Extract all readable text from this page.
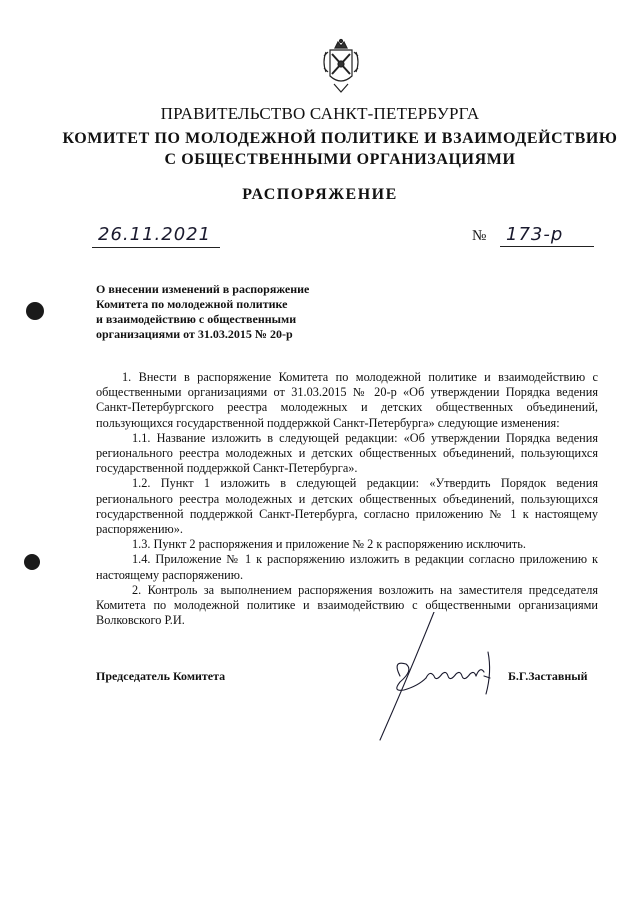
ПРАВИТЕЛЬСТВО САНКТ-ПЕТЕРБУРГА
КОМИТЕТ ПО МОЛОДЕЖНОЙ ПОЛИТИКЕ И ВЗАИМОДЕЙСТВИЮ
С ОБЩЕСТВЕННЫМИ ОРГАНИЗАЦИЯМИ
РАСПОРЯЖЕНИЕ
26.11.2021	№ 173-р
О внесении изменений в распоряжение
Комитета по молодежной политике
и взаимодействию с общественными
организациями от 31.03.2015 № 20-р

1. Внести в распоряжение Комитета по молодежной политике и взаимодействию с общественными организациями от 31.03.2015 № 20-р «Об утверждении Порядка ведения Санкт-Петербургского реестра молодежных и детских общественных объединений, пользующихся государственной поддержкой Санкт-Петербурга» следующие изменения:

1.1. Название изложить в следующей редакции: «Об утверждении Порядка ведения регионального реестра молодежных и детских общественных объединений, пользующихся государственной поддержкой Санкт-Петербурга».

1.2. Пункт 1 изложить в следующей редакции: «Утвердить Порядок ведения регионального реестра молодежных и детских общественных объединений, пользующихся государственной поддержкой Санкт-Петербурга, согласно приложению № 1 к настоящему распоряжению».

1.3. Пункт 2 распоряжения и приложение № 2 к распоряжению исключить.

1.4. Приложение № 1 к распоряжению изложить в редакции согласно приложению к настоящему распоряжению.

2. Контроль за выполнением распоряжения возложить на заместителя председателя Комитета по молодежной политике и взаимодействию с общественными организациями Волковского Р.И.

Председатель Комитета	Б.Г.Заставный
